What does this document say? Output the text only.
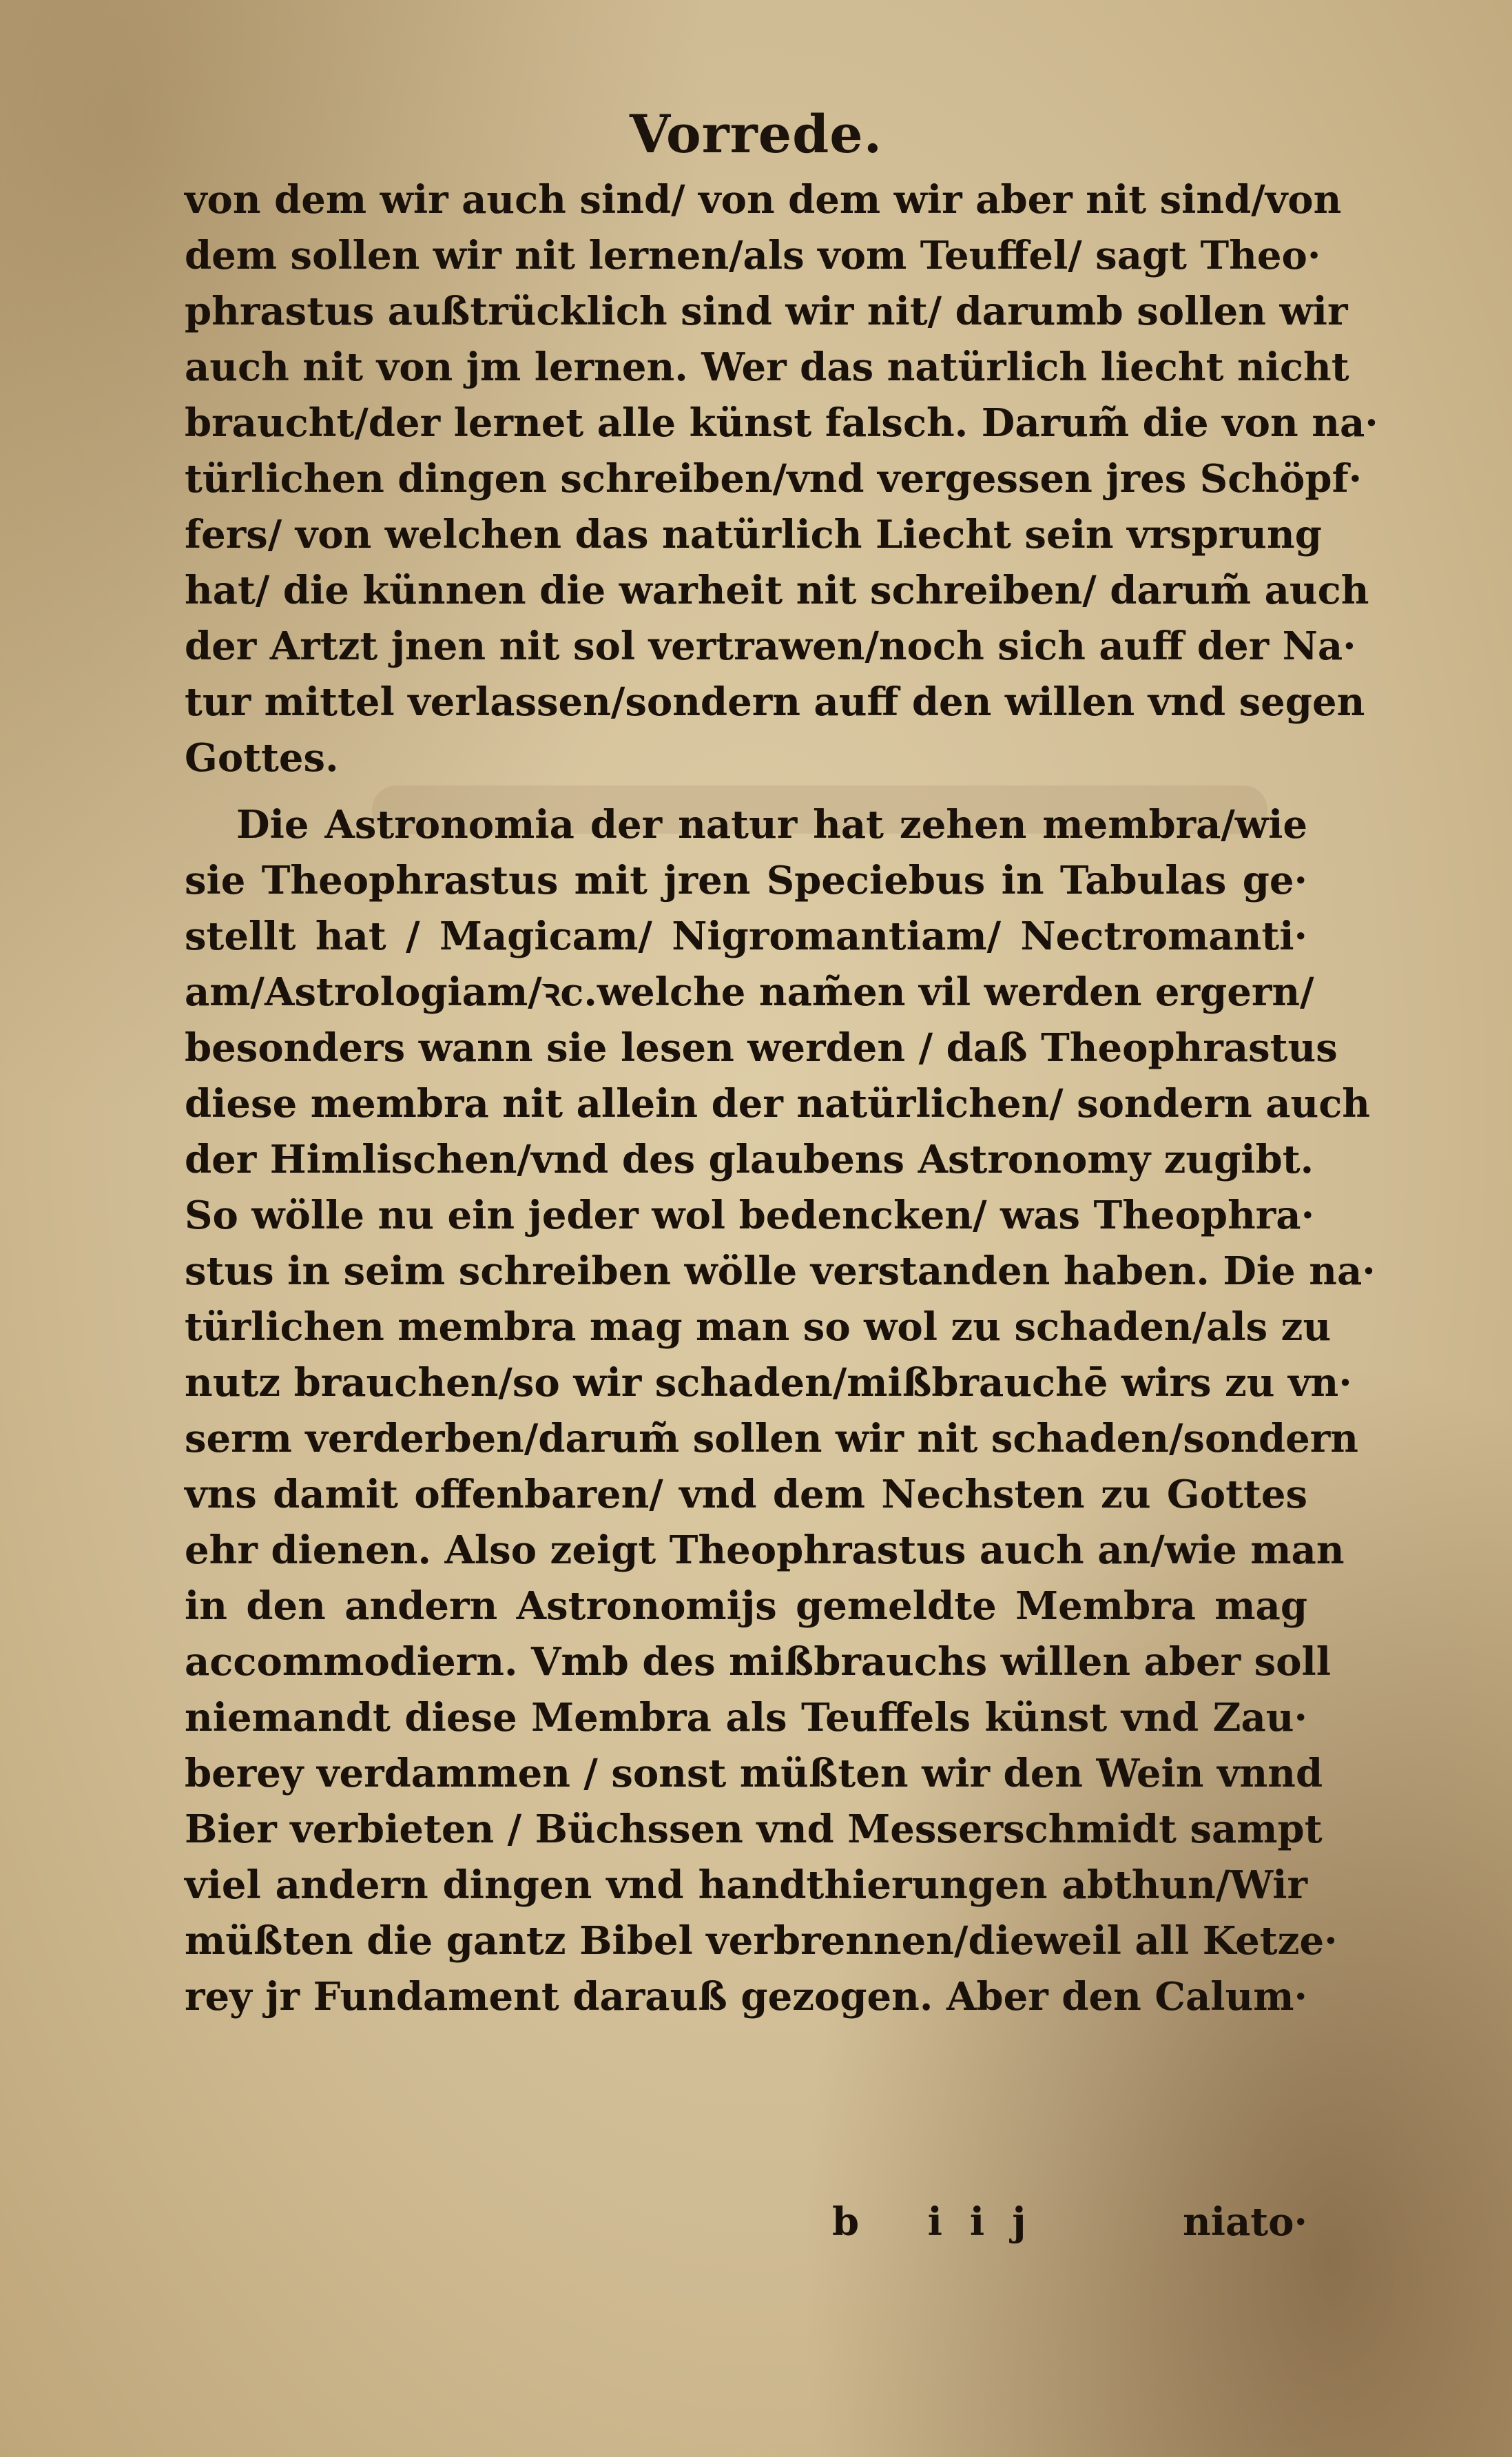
Vorrede.
von dem wir auch sind/ von dem wir aber nit sind/von
dem sollen wir nit lernen/als vom Teuffel/ sagt Theo·
phrastus außtrücklich sind wir nit/ darumb sollen wir
auch nit von jm lernen. Wer das natürlich liecht nicht
braucht/der lernet alle künst falsch. Darum̃ die von na·
türlichen dingen schreiben/vnd vergessen jres Schöpf·
fers/ von welchen das natürlich Liecht sein vrsprung
hat/ die künnen die warheit nit schreiben/ darum̃ auch
der Artzt jnen nit sol vertrawen/noch sich auff der Na·
tur mittel verlassen/sondern auff den willen vnd segen
Gottes.
Die Astronomia der natur hat zehen membra/wie
sie Theophrastus mit jren Speciebus in Tabulas ge·
stellt hat / Magicam/ Nigromantiam/ Nectromanti·
am/Astrologiam/ꝛc.welche nam̃en vil werden ergern/
besonders wann sie lesen werden / daß Theophrastus
diese membra nit allein der natürlichen/ sondern auch
der Himlischen/vnd des glaubens Astronomy zugibt.
So wölle nu ein jeder wol bedencken/ was Theophra·
stus in seim schreiben wölle verstanden haben. Die na·
türlichen membra mag man so wol zu schaden/als zu
nutz brauchen/so wir schaden/mißbrauchē wirs zu vn·
serm verderben/darum̃ sollen wir nit schaden/sondern
vns damit offenbaren/ vnd dem Nechsten zu Gottes
ehr dienen. Also zeigt Theophrastus auch an/wie man
in den andern Astronomijs gemeldte Membra mag
accommodiern. Vmb des mißbrauchs willen aber soll
niemandt diese Membra als Teuffels künst vnd Zau·
berey verdammen / sonst müßten wir den Wein vnnd
Bier verbieten / Büchssen vnd Messerschmidt sampt
viel andern dingen vnd handthierungen abthun/Wir
müßten die gantz Bibel verbrennen/dieweil all Ketze·
rey jr Fundament darauß gezogen. Aber den Calum·
b iij	niato·
